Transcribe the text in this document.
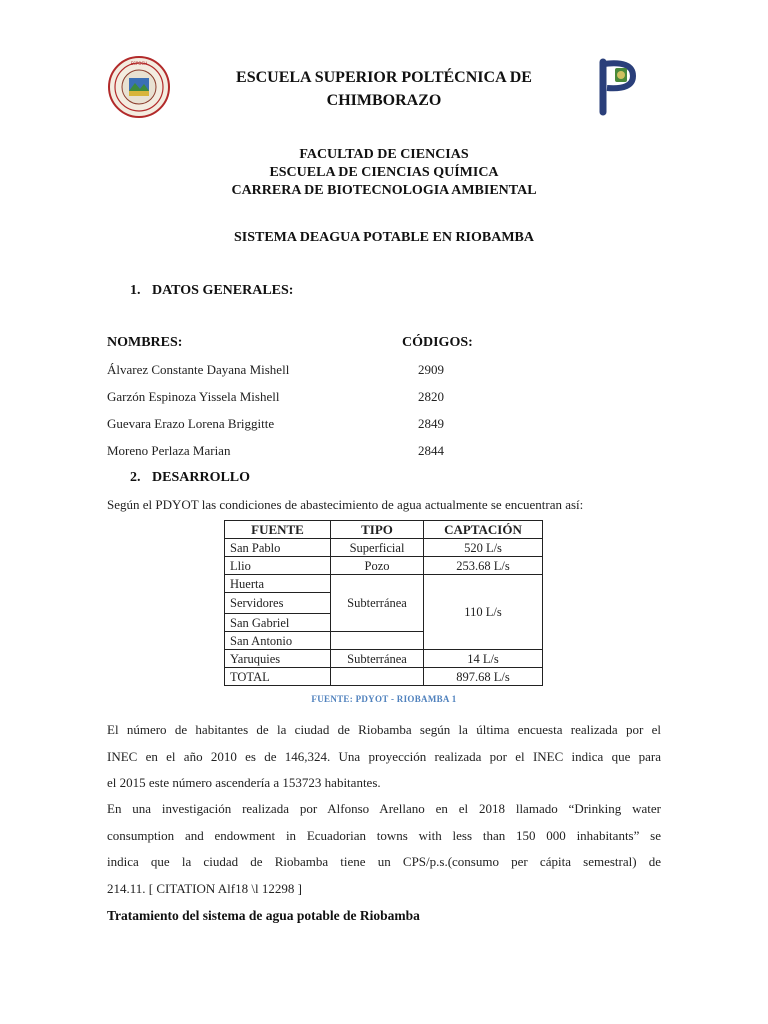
ESPOCH
ESCUELA SUPERIOR POLTÉCNICA DE
CHIMBORAZO
FACULTAD DE CIENCIAS
ESCUELA DE CIENCIAS QUÍMICA
CARRERA DE BIOTECNOLOGIA AMBIENTAL
SISTEMA DEAGUA POTABLE EN RIOBAMBA
1. DATOS GENERALES:
NOMBRES:	CÓDIGOS:
Álvarez Constante Dayana Mishell	2909
Garzón Espinoza Yissela Mishell	2820
Guevara Erazo Lorena Briggitte	2849
Moreno Perlaza Marian	2844
2. DESARROLLO
Según el PDYOT las condiciones de abastecimiento de agua actualmente se encuentran así:
FUENTE	TIPO	CAPTACIÓN
San Pablo	Superficial	520 L/s
Llio	Pozo	253.68 L/s
Huerta	Subterránea	110 L/s
Servidores		
San Gabriel		
San Antonio		
Yaruquies	Subterránea	14 L/s
TOTAL		897.68 L/s
FUENTE: PDYOT - RIOBAMBA 1
El número de habitantes de la ciudad de Riobamba según la última encuesta realizada por el
INEC en el año 2010 es de 146,324. Una proyección realizada por el INEC indica que para
el 2015 este número ascendería a 153723 habitantes.
En una investigación realizada por Alfonso Arellano en el 2018 llamado “Drinking water
consumption and endowment in Ecuadorian towns with less than 150 000 inhabitants” se
indica que la ciudad de Riobamba tiene un CPS/p.s.(consumo per cápita semestral) de
214.11. [ CITATION Alf18 \l 12298 ]
Tratamiento del sistema de agua potable de Riobamba
